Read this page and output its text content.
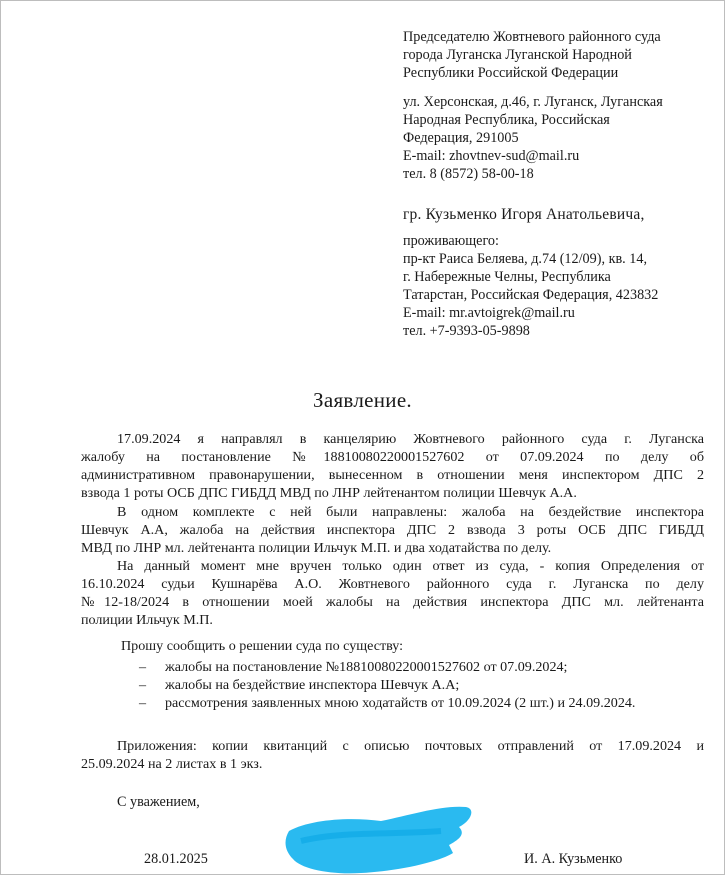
Председателю Жовтневого районного суда
города Луганска Луганской Народной
Республики Российской Федерации
ул. Херсонская, д.46, г. Луганск, Луганская
Народная Республика, Российская
Федерация, 291005
E-mail: zhovtnev-sud@mail.ru
тел. 8 (8572) 58-00-18
гр. Кузьменко Игоря Анатольевича,
проживающего:
пр-кт Раиса Беляева, д.74 (12/09), кв. 14,
г. Набережные Челны, Республика
Татарстан, Российская Федерация, 423832
E-mail: mr.avtoigrek@mail.ru
тел. +7-9393-05-9898
Заявление.
17.09.2024 я направлял в канцелярию Жовтневого районного суда г. Луганска
жалобу на постановление №18810080220001527602 от 07.09.2024 по делу об
административном правонарушении, вынесенном в отношении меня инспектором ДПС 2
взвода 1 роты ОСБ ДПС ГИБДД МВД по ЛНР лейтенантом полиции Шевчук А.А.
В одном комплекте с ней были направлены: жалоба на бездействие инспектора
Шевчук А.А, жалоба на действия инспектора ДПС 2 взвода 3 роты ОСБ ДПС ГИБДД
МВД по ЛНР мл. лейтенанта полиции Ильчук М.П. и два ходатайства по делу.
На данный момент мне вручен только один ответ из суда, - копия Определения от
16.10.2024 судьи Кушнарёва А.О. Жовтневого районного суда г. Луганска по делу
№12-18/2024 в отношении моей жалобы на действия инспектора ДПС мл. лейтенанта
полиции Ильчук М.П.
Прошу сообщить о решении суда по существу:
– жалобы на постановление №18810080220001527602 от 07.09.2024;
– жалобы на бездействие инспектора Шевчук А.А;
– рассмотрения заявленных мною ходатайств от 10.09.2024 (2 шт.) и 24.09.2024.
Приложения: копии квитанций с описью почтовых отправлений от 17.09.2024 и
25.09.2024 на 2 листах в 1 экз.
С уважением,
28.01.2025	И. А. Кузьменко
